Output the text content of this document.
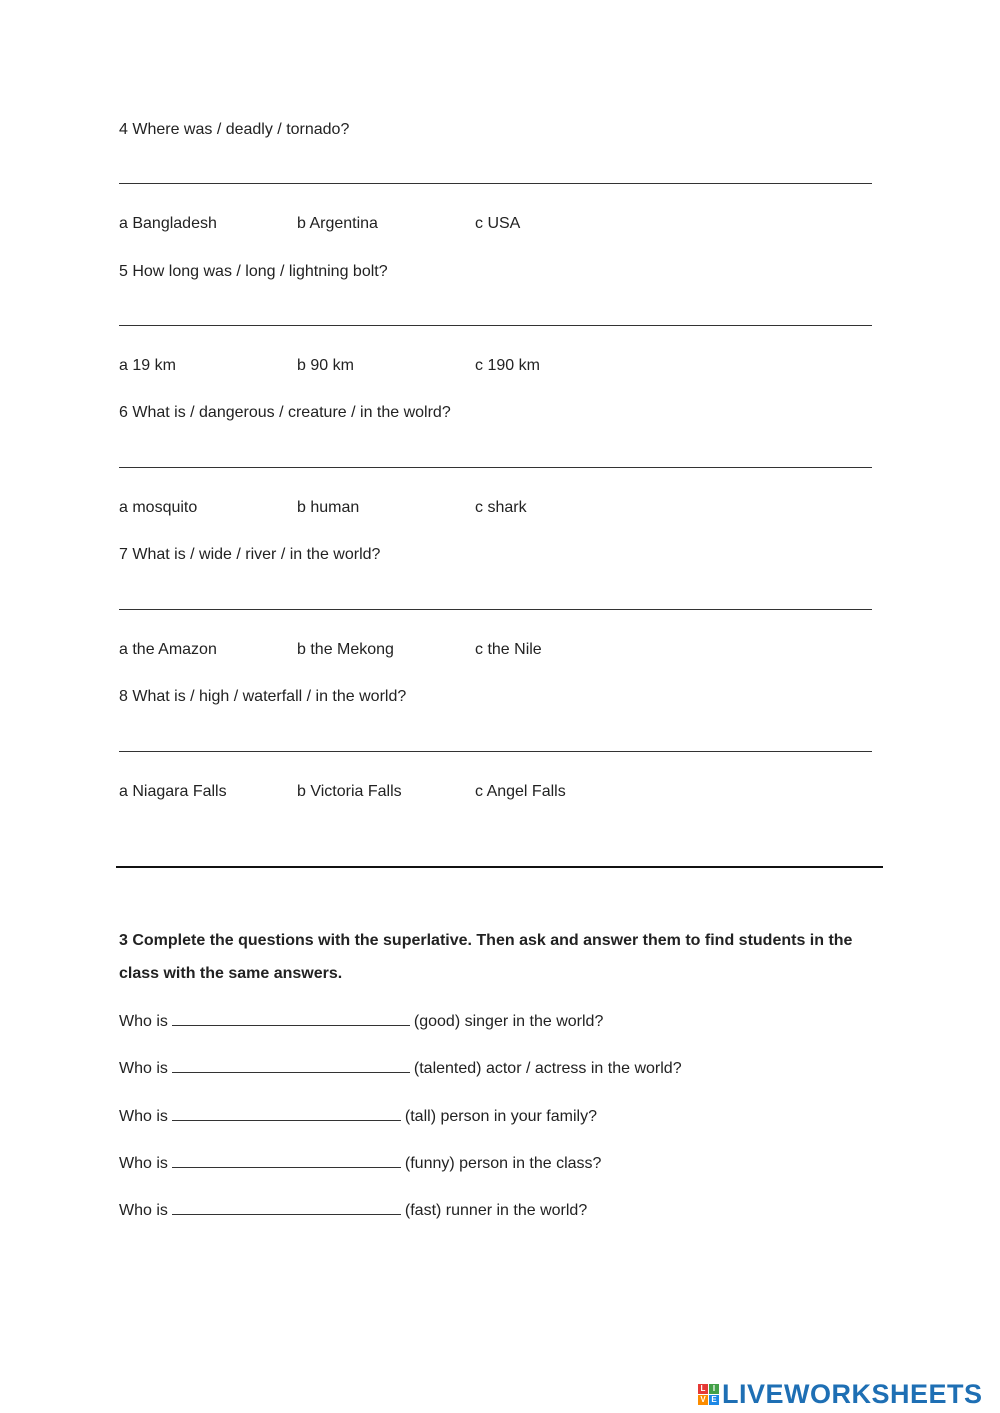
4 Where was / deadly / tornado?
a Bangladesh	b Argentina	c USA
5 How long was / long / lightning bolt?
a 19 km	b 90 km	c 190 km
6 What is / dangerous / creature / in the wolrd?
a mosquito	b human	c shark
7 What is / wide / river / in the world?
a the Amazon	b the Mekong	c the Nile
8 What is / high / waterfall / in the world?
a Niagara Falls	b Victoria Falls	c Angel Falls
3 Complete the questions with the superlative. Then ask and answer them to find students in the
class with the same answers.
Who is	(good) singer in the world?
Who is	(talented) actor / actress in the world?
Who is	(tall) person in your family?
Who is	(funny) person in the class?
Who is	(fast) runner in the world?
L I
V E LIVEWORKSHEETS
